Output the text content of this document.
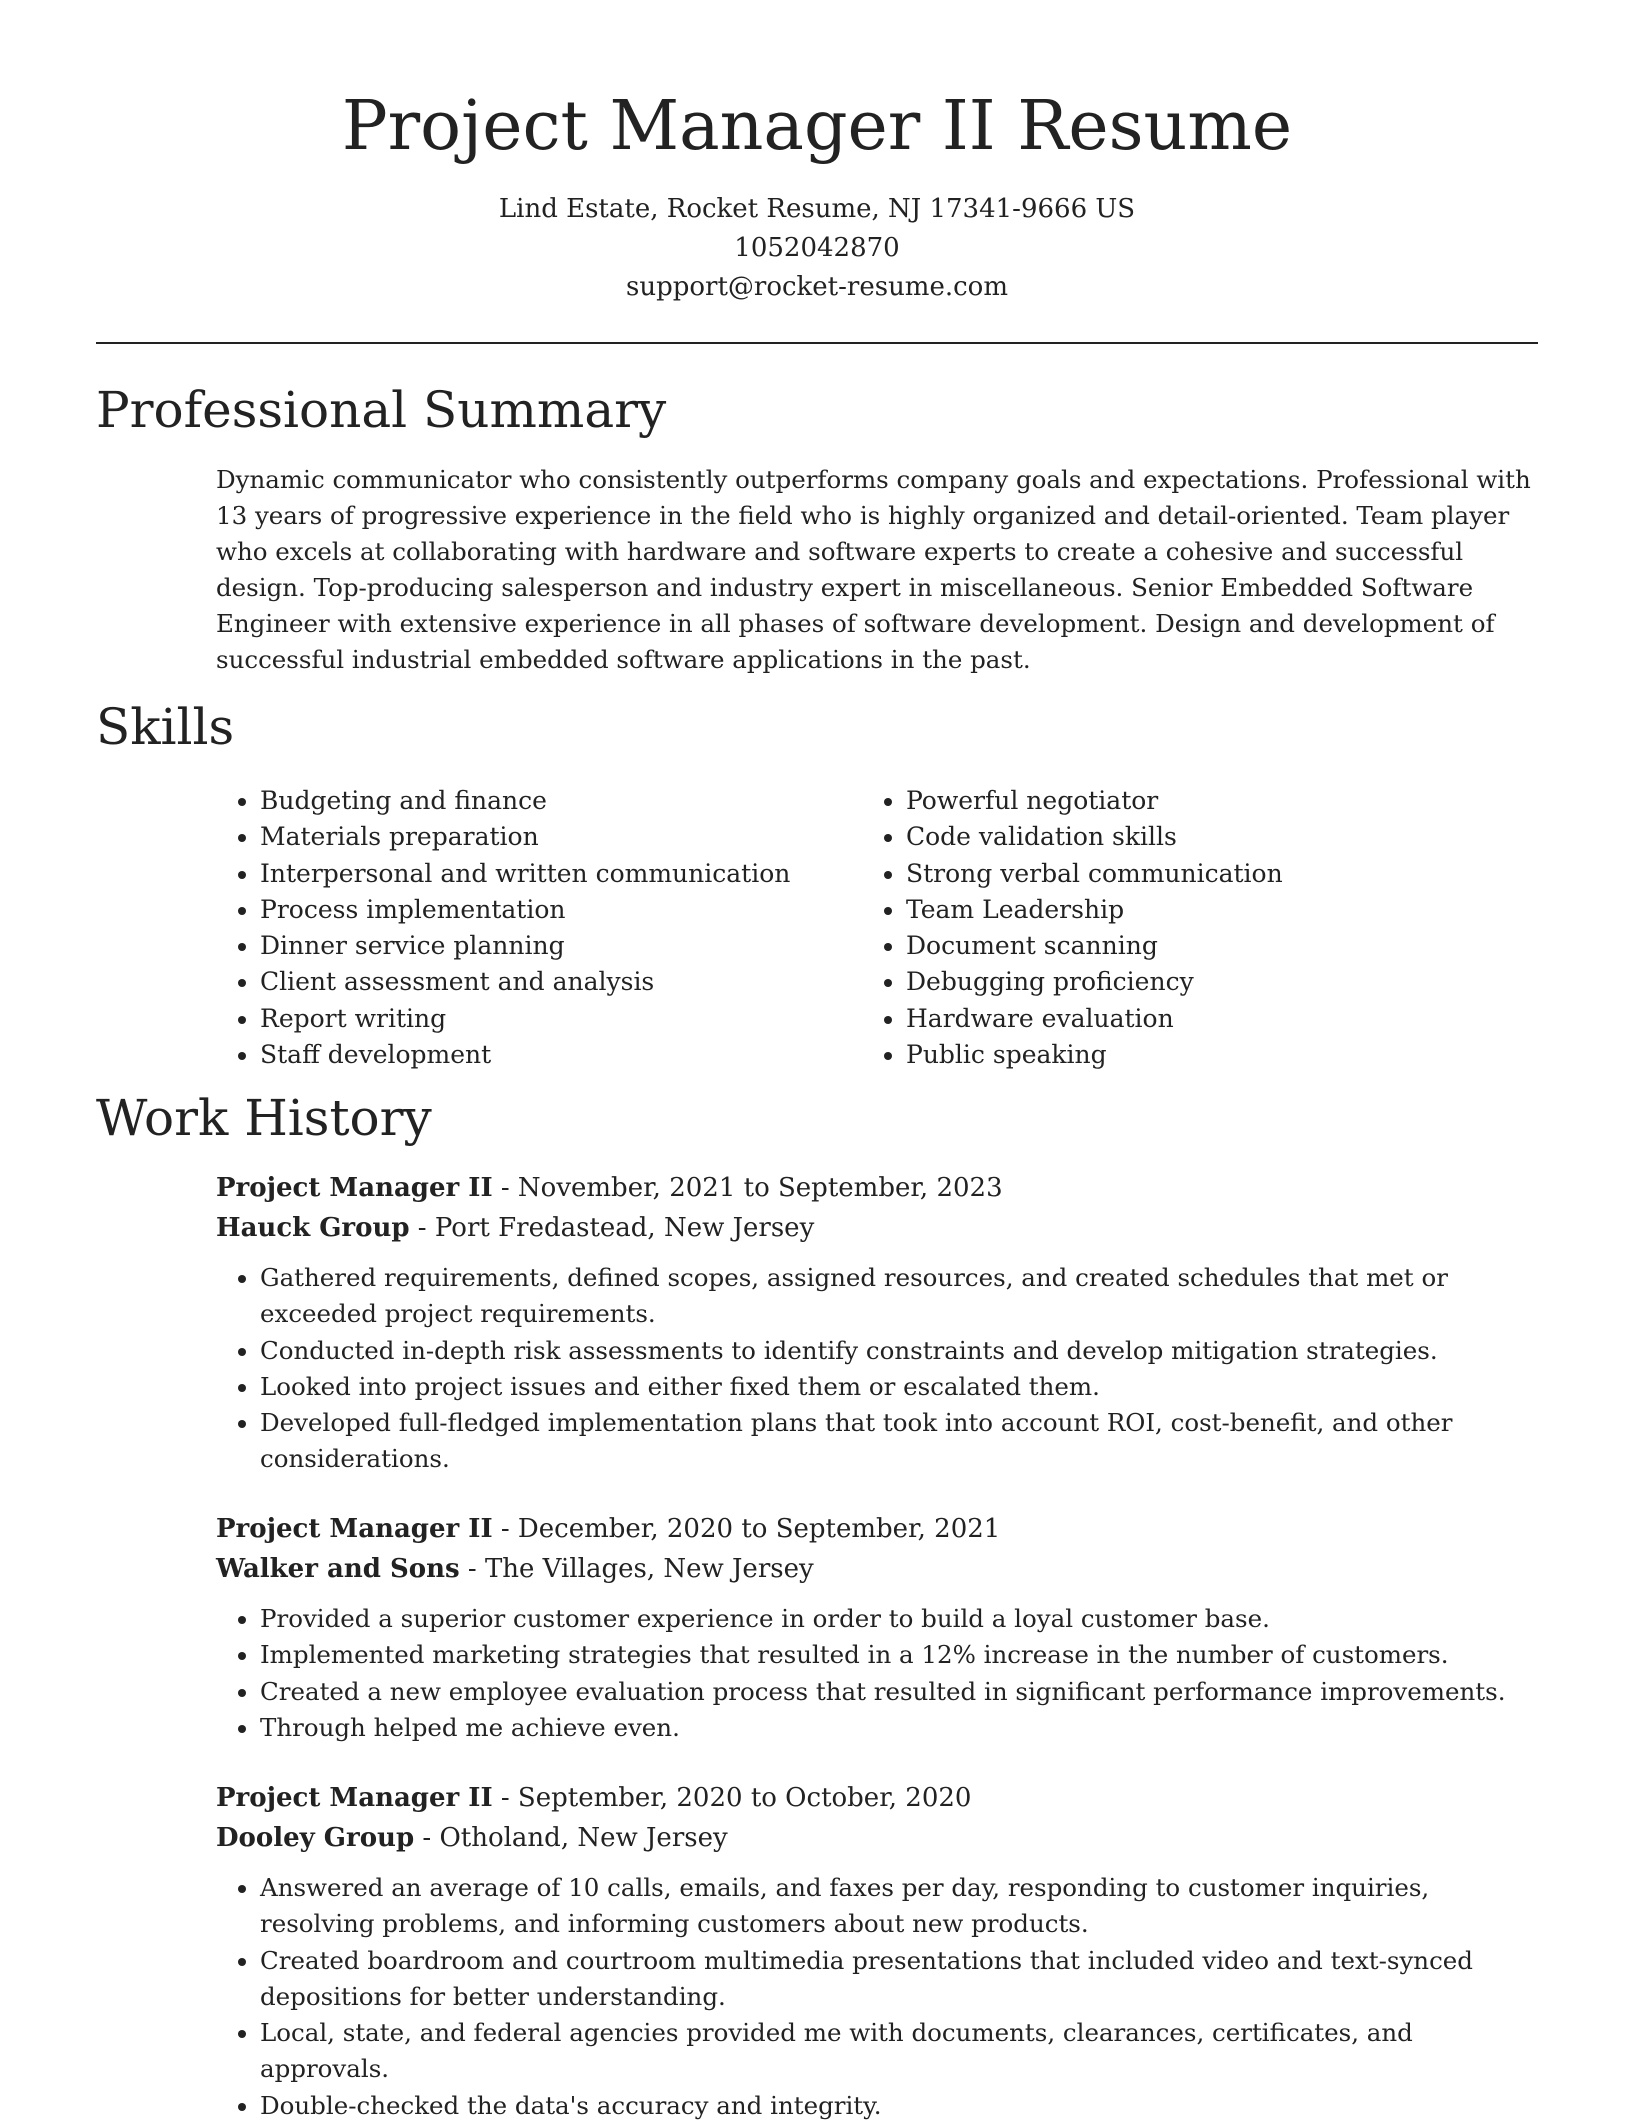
Project Manager II Resume
Lind Estate, Rocket Resume, NJ 17341-9666 US
1052042870
support@rocket-resume.com
Professional Summary

Dynamic communicator who consistently outperforms company goals and expectations. Professional with 13 years of progressive experience in the field who is highly organized and detail-oriented. Team player who excels at collaborating with hardware and software experts to create a cohesive and successful design. Top-producing salesperson and industry expert in miscellaneous. Senior Embedded Software Engineer with extensive experience in all phases of software development. Design and development of successful industrial embedded software applications in the past.

Skills
• Budgeting and finance
• Materials preparation
• Interpersonal and written communication
• Process implementation
• Dinner service planning
• Client assessment and analysis
• Report writing
• Staff development
• Powerful negotiator
• Code validation skills
• Strong verbal communication
• Team Leadership
• Document scanning
• Debugging proficiency
• Hardware evaluation
• Public speaking
Work History
Project Manager II - November, 2021 to September, 2023
Hauck Group - Port Fredastead, New Jersey
• Gathered requirements, defined scopes, assigned resources, and created schedules that met or exceeded project requirements.
• Conducted in-depth risk assessments to identify constraints and develop mitigation strategies.
• Looked into project issues and either fixed them or escalated them.
• Developed full-fledged implementation plans that took into account ROI, cost-benefit, and other considerations.
Project Manager II - December, 2020 to September, 2021
Walker and Sons - The Villages, New Jersey
• Provided a superior customer experience in order to build a loyal customer base.
• Implemented marketing strategies that resulted in a 12% increase in the number of customers.
• Created a new employee evaluation process that resulted in significant performance improvements.
• Through helped me achieve even.
Project Manager II - September, 2020 to October, 2020
Dooley Group - Otholand, New Jersey
• Answered an average of 10 calls, emails, and faxes per day, responding to customer inquiries, resolving problems, and informing customers about new products.
• Created boardroom and courtroom multimedia presentations that included video and text-synced depositions for better understanding.
• Local, state, and federal agencies provided me with documents, clearances, certificates, and approvals.
• Double-checked the data's accuracy and integrity.
